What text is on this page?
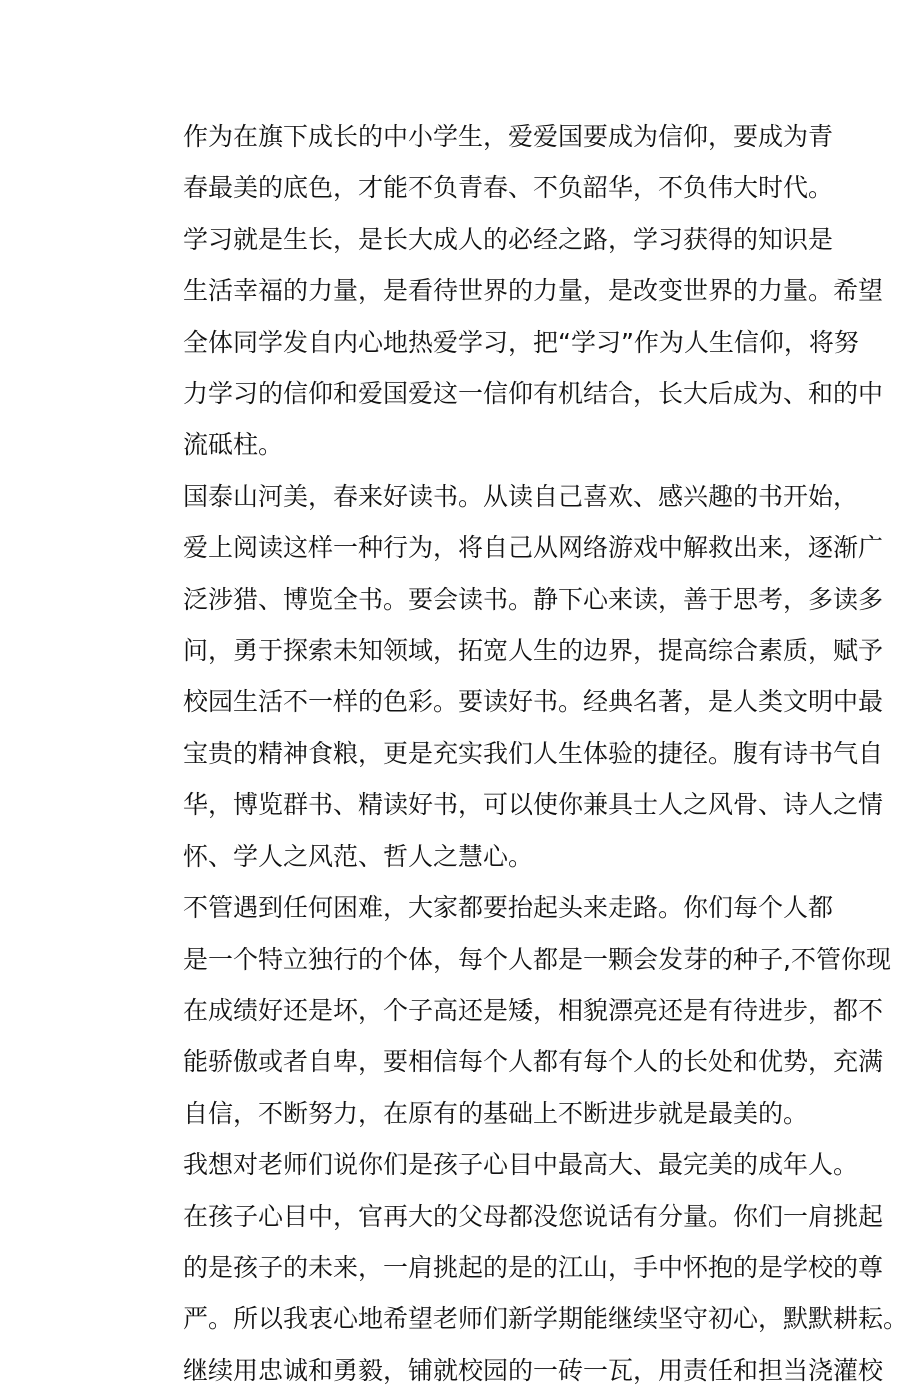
作为在旗下成长的中小学生，爱爱国要成为信仰，要成为青
春最美的底色，才能不负青春、不负韶华，不负伟大时代。

学习就是生长，是长大成人的必经之路，学习获得的知识是
生活幸福的力量，是看待世界的力量，是改变世界的力量。希望
全体同学发自内心地热爱学习，把“学习”作为人生信仰，将努
力学习的信仰和爱国爱这一信仰有机结合，长大后成为、和的中
流砥柱。

国泰山河美，春来好读书。从读自己喜欢、感兴趣的书开始，
爱上阅读这样一种行为，将自己从网络游戏中解救出来，逐渐广
泛涉猎、博览全书。要会读书。静下心来读，善于思考，多读多
问，勇于探索未知领域，拓宽人生的边界，提高综合素质，赋予
校园生活不一样的色彩。要读好书。经典名著，是人类文明中最
宝贵的精神食粮，更是充实我们人生体验的捷径。腹有诗书气自
华，博览群书、精读好书，可以使你兼具士人之风骨、诗人之情
怀、学人之风范、哲人之慧心。

不管遇到任何困难，大家都要抬起头来走路。你们每个人都
是一个特立独行的个体，每个人都是一颗会发芽的种子,不管你现
在成绩好还是坏，个子高还是矮，相貌漂亮还是有待进步，都不
能骄傲或者自卑，要相信每个人都有每个人的长处和优势，充满
自信，不断努力，在原有的基础上不断进步就是最美的。

我想对老师们说你们是孩子心目中最高大、最完美的成年人。
在孩子心目中，官再大的父母都没您说话有分量。你们一肩挑起
的是孩子的未来，一肩挑起的是的江山，手中怀抱的是学校的尊
严。所以我衷心地希望老师们新学期能继续坚守初心，默默耕耘。
继续用忠诚和勇毅，铺就校园的一砖一瓦，用责任和担当浇灌校
